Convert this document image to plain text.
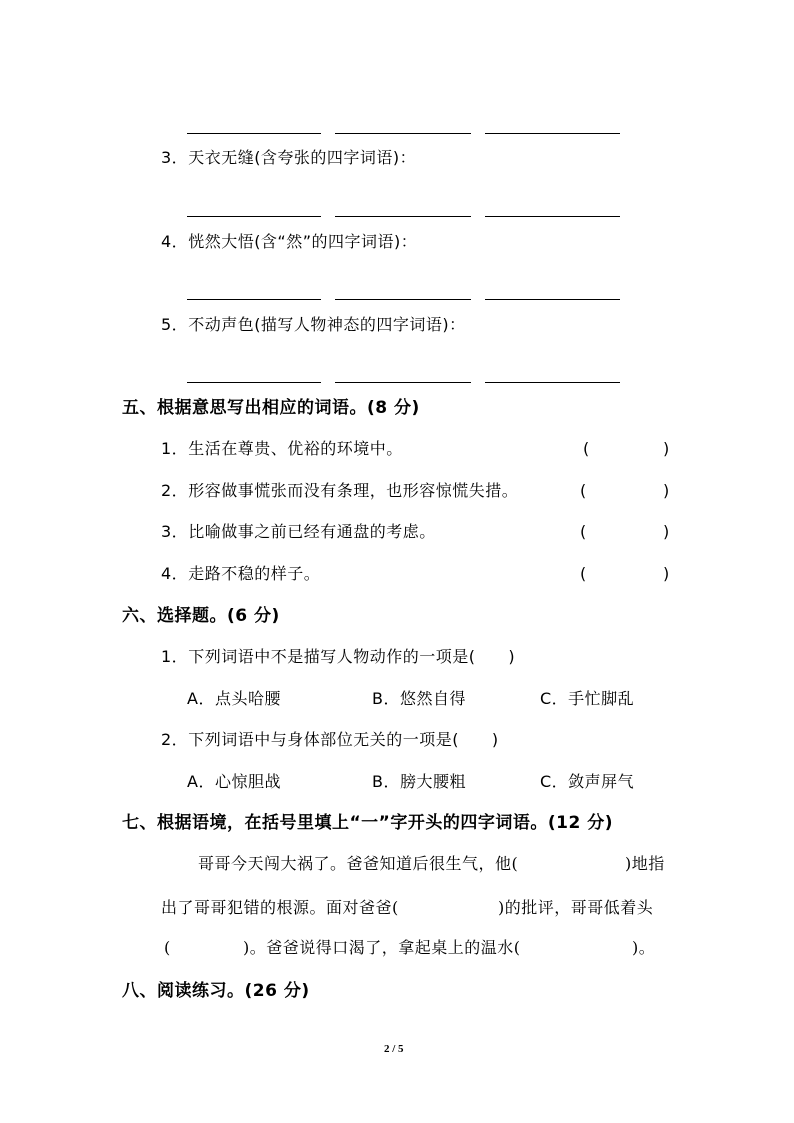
3．天衣无缝(含夸张的四字词语)：
4．恍然大悟(含“然”的四字词语)：
5．不动声色(描写人物神态的四字词语)：
五、根据意思写出相应的词语。(8 分)
1．生活在尊贵、优裕的环境中。	(	)
2．形容做事慌张而没有条理，也形容惊慌失措。	(	)
3．比喻做事之前已经有通盘的考虑。	(	)
4．走路不稳的样子。	(	)
六、选择题。(6 分)
1．下列词语中不是描写人物动作的一项是(　　)
A．点头哈腰	B．悠然自得	C．手忙脚乱
2．下列词语中与身体部位无关的一项是(　　)
A．心惊胆战	B．膀大腰粗	C．敛声屏气
七、根据语境，在括号里填上“一”字开头的四字词语。(12 分)
哥哥今天闯大祸了。爸爸知道后很生气，他(	)地指
出了哥哥犯错的根源。面对爸爸(	)的批评，哥哥低着头
(	)。爸爸说得口渴了，拿起桌上的温水(	)。
八、阅读练习。(26 分)
2 / 5
